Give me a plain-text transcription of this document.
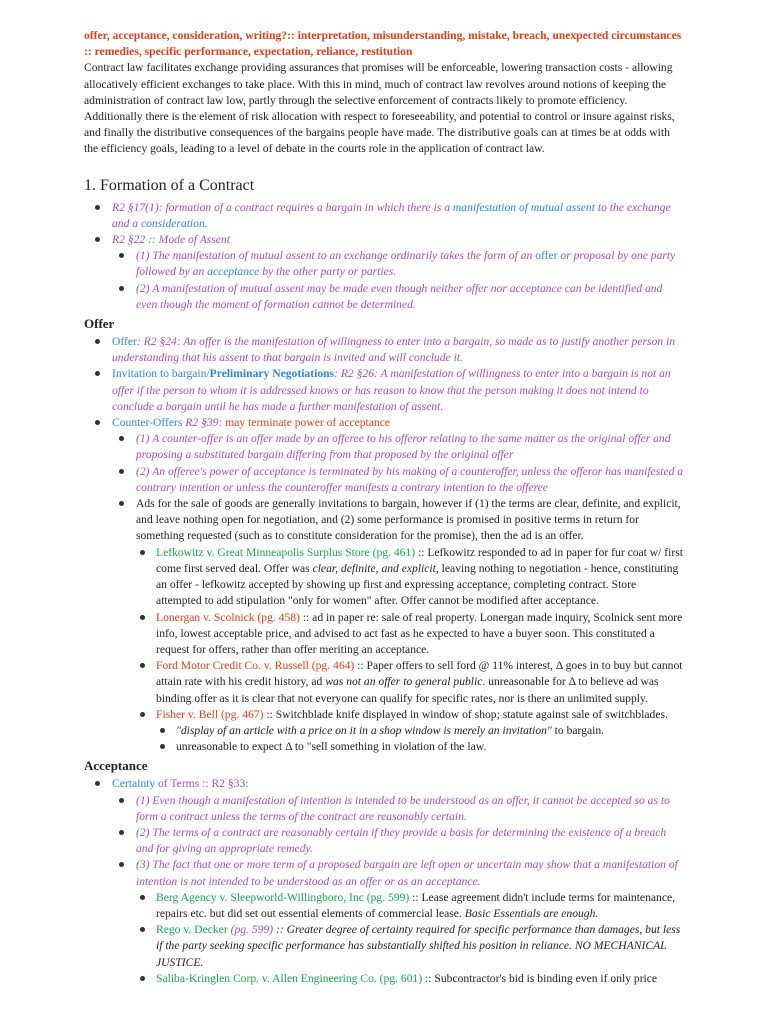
offer, acceptance, consideration, writing?:: interpretation, misunderstanding, mistake, breach, unexpected circumstances :: remedies, specific performance, expectation, reliance, restitution

Contract law facilitates exchange providing assurances that promises will be enforceable, lowering transaction costs - allowing allocatively efficient exchanges to take place. With this in mind, much of contract law revolves around notions of keeping the administration of contract law low, partly through the selective enforcement of contracts likely to promote efficiency. Additionally there is the element of risk allocation with respect to foreseeability, and potential to control or insure against risks, and finally the distributive consequences of the bargains people have made. The distributive goals can at times be at odds with the efficiency goals, leading to a level of debate in the courts role in the application of contract law.

1. Formation of a Contract
R2 §17(1): formation of a contract requires a bargain in which there is a manifestation of mutual assent to the exchange and a consideration.
R2 §22 :: Mode of Assent
(1) The manifestation of mutual assent to an exchange ordinarily takes the form of an offer or proposal by one party followed by an acceptance by the other party or parties.
(2) A manifestation of mutual assent may be made even though neither offer nor acceptance can be identified and even though the moment of formation cannot be determined.
Offer
Offer: R2 §24: An offer is the manifestation of willingness to enter into a bargain, so made as to justify another person in understanding that his assent to that bargain is invited and will conclude it.
Invitation to bargain/Preliminary Negotiations: R2 §26: A manifestation of willingness to enter into a bargain is not an offer if the person to whom it is addressed knows or has reason to know that the person making it does not intend to conclude a bargain until he has made a further manifestation of assent.
Counter-Offers R2 §39: may terminate power of acceptance
(1) A counter-offer is an offer made by an offeree to his offeror relating to the same matter as the original offer and proposing a substituted bargain differing from that proposed by the original offer
(2) An offeree's power of acceptance is terminated by his making of a counteroffer, unless the offeror has manifested a contrary intention or unless the counteroffer manifests a contrary intention to the offeree
Ads for the sale of goods are generally invitations to bargain, however if (1) the terms are clear, definite, and explicit, and leave nothing open for negotiation, and (2) some performance is promised in positive terms in return for something requested (such as to constitute consideration for the promise), then the ad is an offer.
Lefkowitz v. Great Minneapolis Surplus Store (pg. 461) :: Lefkowitz responded to ad in paper for fur coat w/ first come first served deal. Offer was clear, definite, and explicit, leaving nothing to negotiation - hence, constituting an offer - lefkowitz accepted by showing up first and expressing acceptance, completing contract. Store attempted to add stipulation "only for women" after. Offer cannot be modified after acceptance.
Lonergan v. Scolnick (pg. 458) :: ad in paper re: sale of real property. Lonergan made inquiry, Scolnick sent more info, lowest acceptable price, and advised to act fast as he expected to have a buyer soon. This constituted a request for offers, rather than offer meriting an acceptance.
Ford Motor Credit Co. v. Russell (pg. 464) :: Paper offers to sell ford @ 11% interest, Δ goes in to buy but cannot attain rate with his credit history, ad was not an offer to general public. unreasonable for Δ to believe ad was binding offer as it is clear that not everyone can qualify for specific rates, nor is there an unlimited supply.
Fisher v. Bell (pg. 467) :: Switchblade knife displayed in window of shop; statute against sale of switchblades.
"display of an article with a price on it in a shop window is merely an invitation" to bargain.
unreasonable to expect Δ to "sell something in violation of the law.
Acceptance
Certainty of Terms :: R2 §33:
(1) Even though a manifestation of intention is intended to be understood as an offer, it cannot be accepted so as to form a contract unless the terms of the contract are reasonably certain.
(2) The terms of a contract are reasonably certain if they provide a basis for determining the existence of a breach and for giving an appropriate remedy.
(3) The fact that one or more term of a proposed bargain are left open or uncertain may show that a manifestation of intention is not intended to be understood as an offer or as an acceptance.
Berg Agency v. Sleepworld-Willingboro, Inc (pg. 599) :: Lease agreement didn't include terms for maintenance, repairs etc. but did set out essential elements of commercial lease. Basic Essentials are enough.
Rego v. Decker (pg. 599) :: Greater degree of certainty required for specific performance than damages, but less if the party seeking specific performance has substantially shifted his position in reliance. NO MECHANICAL JUSTICE.
Saliba-Kringlen Corp. v. Allen Engineering Co. (pg. 601) :: Subcontractor's bid is binding even if only price
